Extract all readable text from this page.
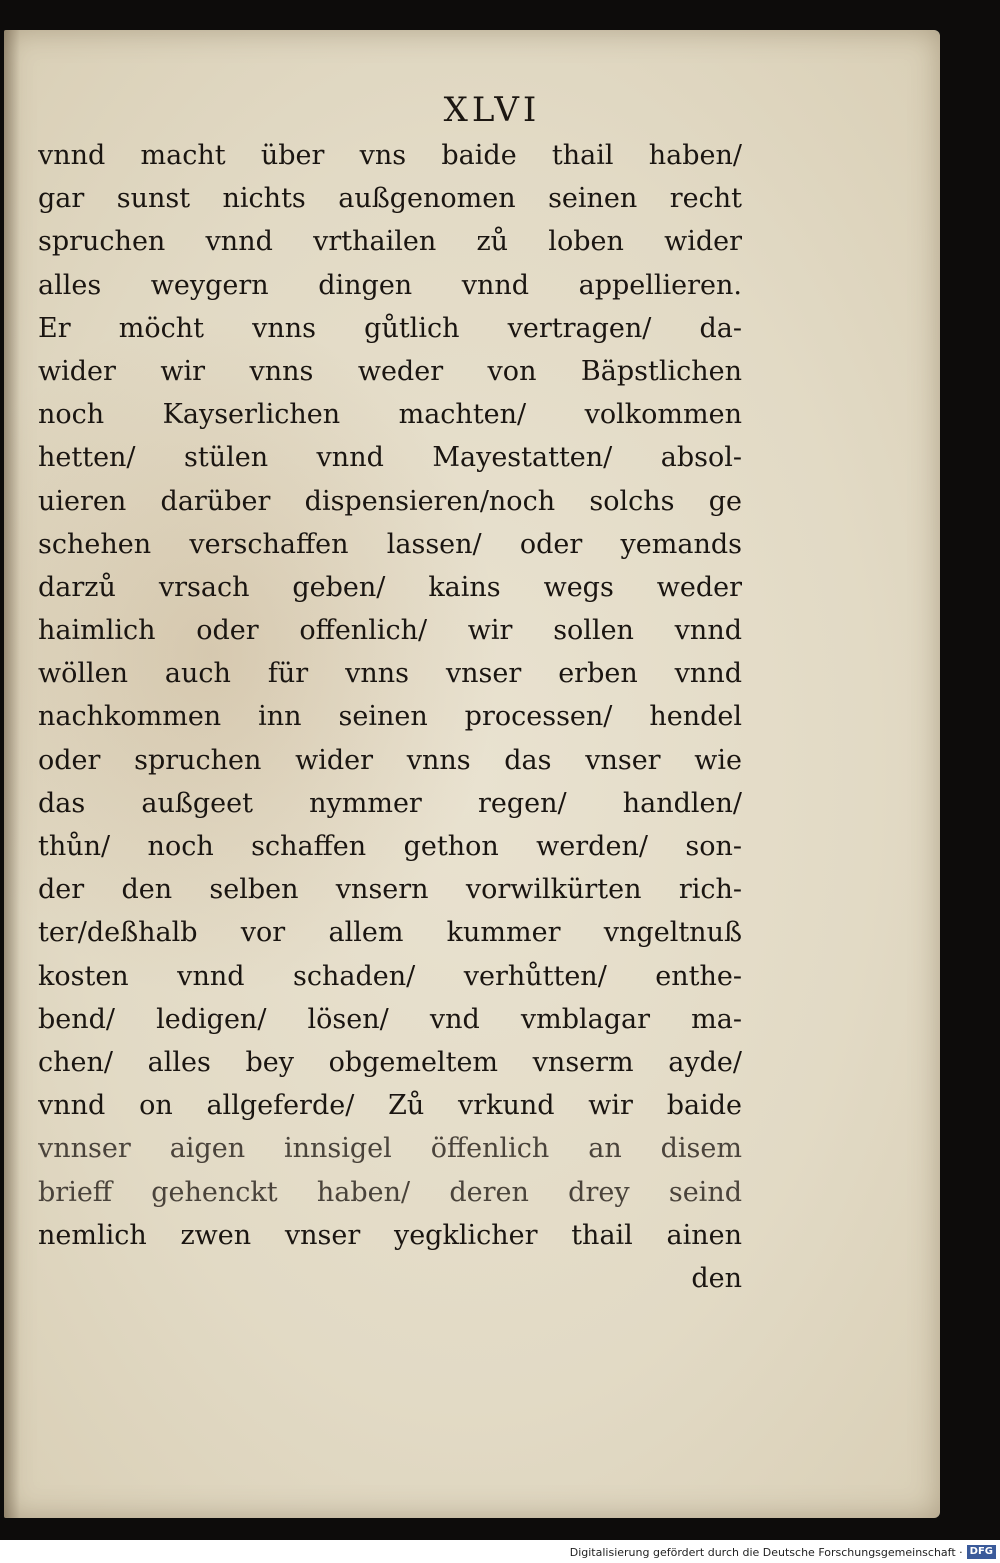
XLVI
vnnd macht über vns baide thail haben/
gar sunst nichts außgenomen seinen recht
spruchen vnnd vrthailen zů loben wider
alles weygern dingen vnnd appellieren.
Er möcht vnns gůtlich vertragen/ da-
wider wir vnns weder von Bäpstlichen
noch Kayserlichen machten/ volkommen
hetten/ stülen vnnd Mayestatten/ absol-
uieren darüber dispensieren/noch solchs ge
schehen verschaffen lassen/ oder yemands
darzů vrsach geben/ kains wegs weder
haimlich oder offenlich/ wir sollen vnnd
wöllen auch für vnns vnser erben vnnd
nachkommen inn seinen processen/ hendel
oder spruchen wider vnns das vnser wie
das außgeet nymmer regen/ handlen/
thůn/ noch schaffen gethon werden/ son-
der den selben vnsern vorwilkürten rich-
ter/deßhalb vor allem kummer vngeltnuß
kosten vnnd schaden/ verhůtten/ enthe-
bend/ ledigen/ lösen/ vnd vmblagar ma-
chen/ alles bey obgemeltem vnserm ayde/
vnnd on allgeferde/ Zů vrkund wir baide
vnnser aigen innsigel öffenlich an disem
brieff gehenckt haben/ deren drey seind
nemlich zwen vnser yegklicher thail ainen
den
Digitalisierung gefördert durch die Deutsche Forschungsgemeinschaft · DFG
